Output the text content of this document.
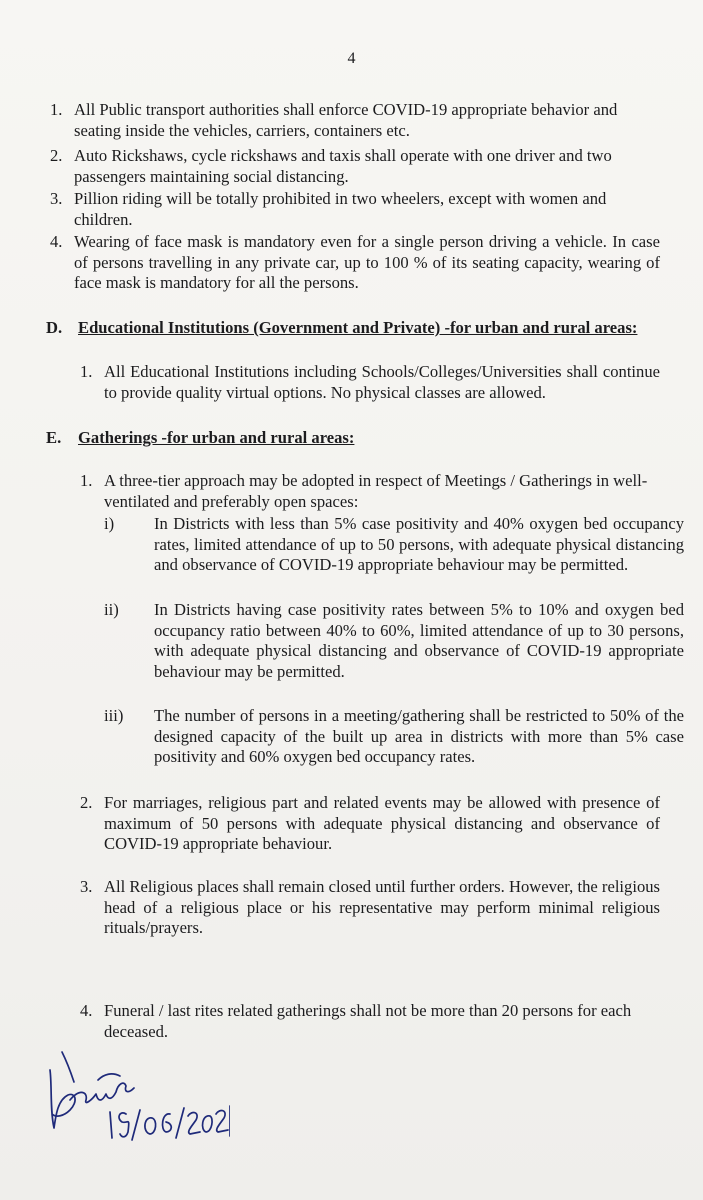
4
1. All Public transport authorities shall enforce COVID-19 appropriate behavior and seating inside the vehicles, carriers, containers etc.
2. Auto Rickshaws, cycle rickshaws and taxis shall operate with one driver and two passengers maintaining social distancing.
3. Pillion riding will be totally prohibited in two wheelers, except with women and children.
4. Wearing of face mask is mandatory even for a single person driving a vehicle. In case of persons travelling in any private car, up to 100 % of its seating capacity, wearing of face mask is mandatory for all the persons.
D. Educational Institutions (Government and Private) -for urban and rural areas:
1. All Educational Institutions including Schools/Colleges/Universities shall continue to provide quality virtual options. No physical classes are allowed.
E. Gatherings -for urban and rural areas:
1. A three-tier approach may be adopted in respect of Meetings / Gatherings in well-ventilated and preferably open spaces:
i) In Districts with less than 5% case positivity and 40% oxygen bed occupancy rates, limited attendance of up to 50 persons, with adequate physical distancing and observance of COVID-19 appropriate behaviour may be permitted.
ii) In Districts having case positivity rates between 5% to 10% and oxygen bed occupancy ratio between 40% to 60%, limited attendance of up to 30 persons, with adequate physical distancing and observance of COVID-19 appropriate behaviour may be permitted.
iii) The number of persons in a meeting/gathering shall be restricted to 50% of the designed capacity of the built up area in districts with more than 5% case positivity and 60% oxygen bed occupancy rates.
2. For marriages, religious part and related events may be allowed with presence of maximum of 50 persons with adequate physical distancing and observance of COVID-19 appropriate behaviour.
3. All Religious places shall remain closed until further orders. However, the religious head of a religious place or his representative may perform minimal religious rituals/prayers.
4. Funeral / last rites related gatherings shall not be more than 20 persons for each deceased.
